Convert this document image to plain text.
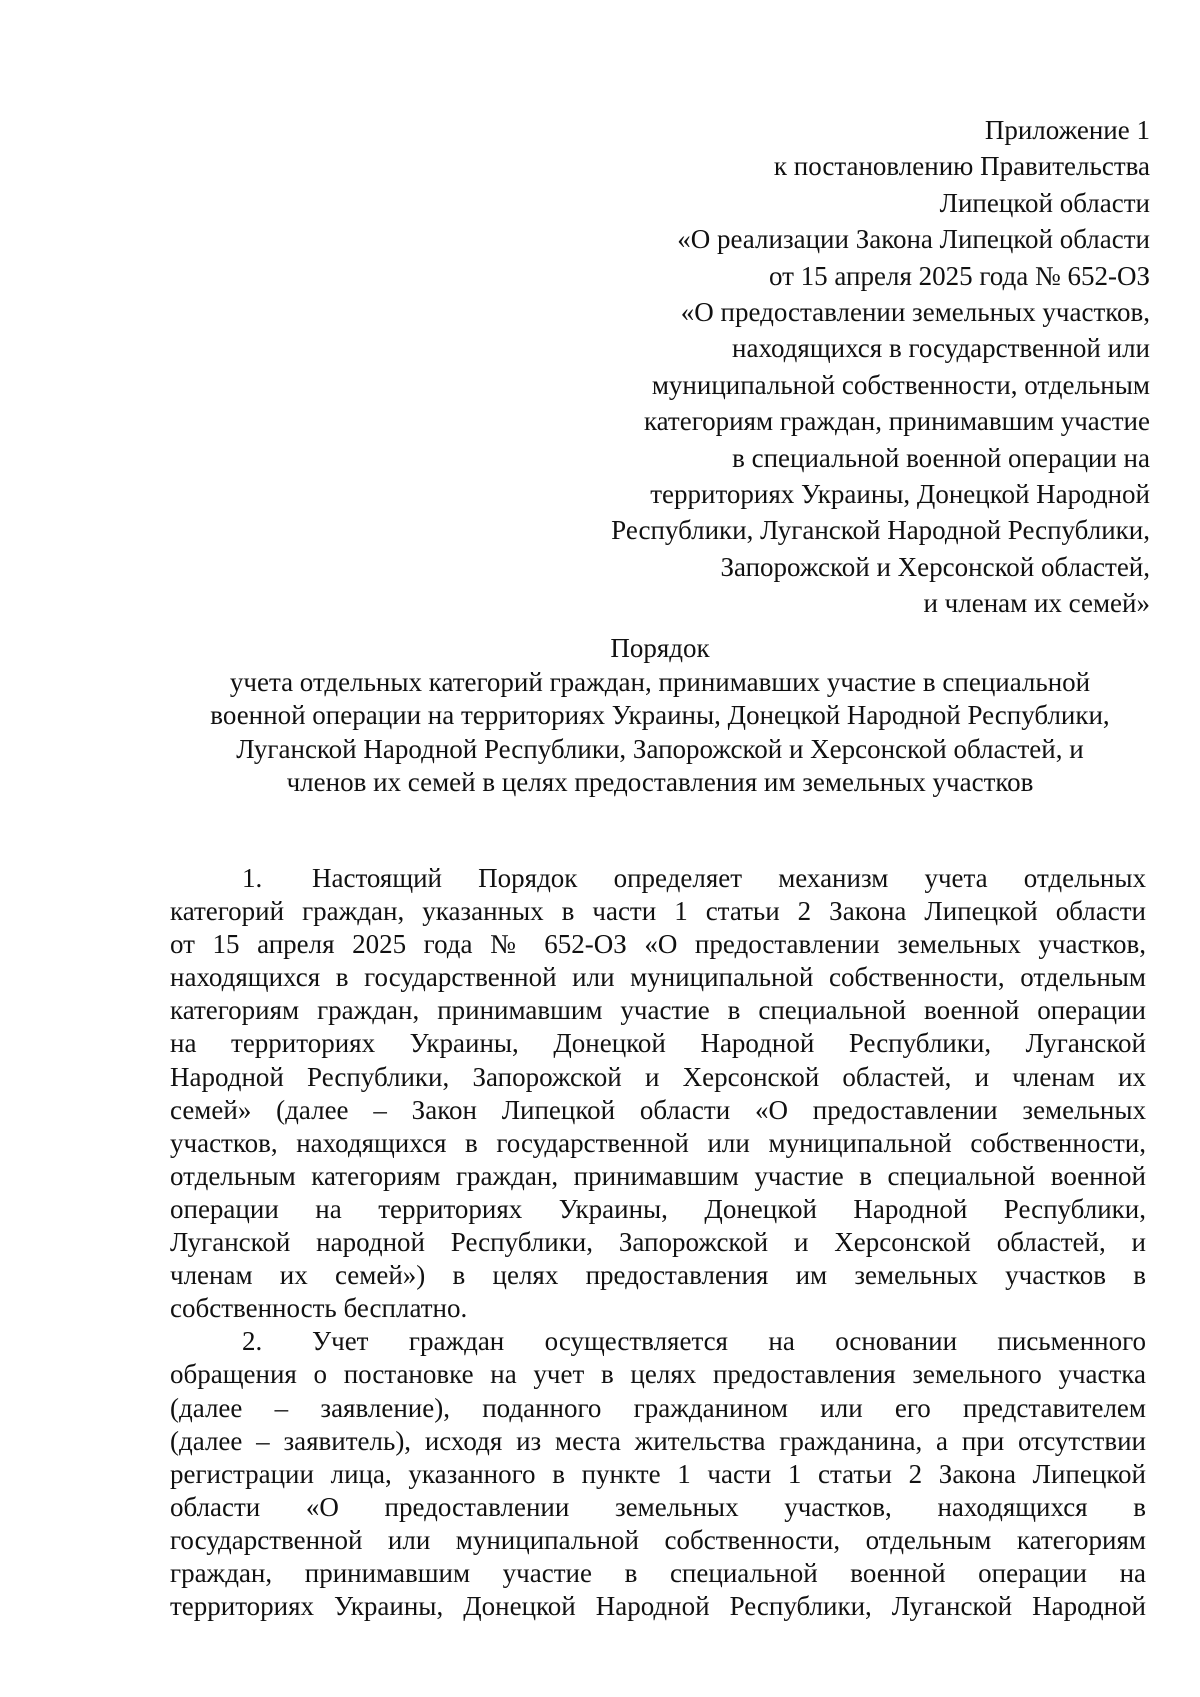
Приложение 1
к постановлению Правительства
Липецкой области
«О реализации Закона Липецкой области
от 15 апреля 2025 года № 652-ОЗ
«О предоставлении земельных участков,
находящихся в государственной или
муниципальной собственности, отдельным
категориям граждан, принимавшим участие
в специальной военной операции на
территориях Украины, Донецкой Народной
Республики, Луганской Народной Республики,
Запорожской и Херсонской областей,
и членам их семей»
Порядок
учета отдельных категорий граждан, принимавших участие в специальной
военной операции на территориях Украины, Донецкой Народной Республики,
Луганской Народной Республики, Запорожской и Херсонской областей, и
членов их семей в целях предоставления им земельных участков
1. Настоящий Порядок определяет механизм учета отдельных
категорий граждан, указанных в части 1 статьи 2 Закона Липецкой области
от 15 апреля 2025 года № 652-ОЗ «О предоставлении земельных участков,
находящихся в государственной или муниципальной собственности, отдельным
категориям граждан, принимавшим участие в специальной военной операции
на территориях Украины, Донецкой Народной Республики, Луганской
Народной Республики, Запорожской и Херсонской областей, и членам их
семей» (далее – Закон Липецкой области «О предоставлении земельных
участков, находящихся в государственной или муниципальной собственности,
отдельным категориям граждан, принимавшим участие в специальной военной
операции на территориях Украины, Донецкой Народной Республики,
Луганской народной Республики, Запорожской и Херсонской областей, и
членам их семей») в целях предоставления им земельных участков в
собственность бесплатно.
2. Учет граждан осуществляется на основании письменного
обращения о постановке на учет в целях предоставления земельного участка
(далее – заявление), поданного гражданином или его представителем
(далее – заявитель), исходя из места жительства гражданина, а при отсутствии
регистрации лица, указанного в пункте 1 части 1 статьи 2 Закона Липецкой
области «О предоставлении земельных участков, находящихся в
государственной или муниципальной собственности, отдельным категориям
граждан, принимавшим участие в специальной военной операции на
территориях Украины, Донецкой Народной Республики, Луганской Народной
